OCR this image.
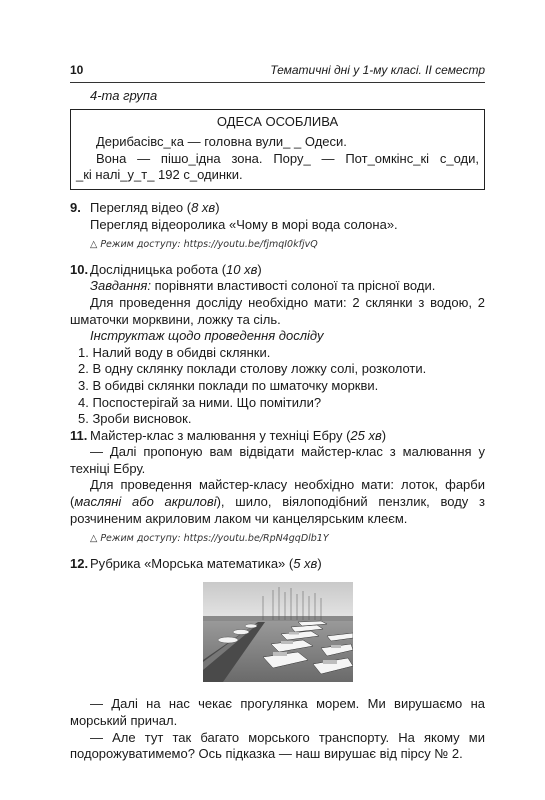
10	Тематичні дні у 1-му класі. ІІ семестр
4-та група
ОДЕСА ОСОБЛИВА

Дерибасівс_ка — головна вули_ _ Одеси.

Вона — пішо_ідна зона. Пору_ — Пот_омкінс_кі с_оди,

_кі налі_у_т_ 192 с_одинки.

9. Перегляд відео (8 хв)
Перегляд відеоролика «Чому в морі вода солона».
△ Режим доступу: https://youtu.be/fjmqI0kfjvQ
10. Дослідницька робота (10 хв)
Завдання: порівняти властивості солоної та прісної води.
Для проведення досліду необхідно мати: 2 склянки з водою, 2 шматочки морквини, ложку та сіль.
Інструктаж щодо проведення досліду
1. Налий воду в обидві склянки.
2. В одну склянку поклади столову ложку солі, розколоти.
3. В обидві склянки поклади по шматочку моркви.
4. Поспостерігай за ними. Що помітили?
5. Зроби висновок.
11. Майстер-клас з малювання у техніці Ебру (25 хв)
— Далі пропоную вам відвідати майстер-клас з малювання у техніці Ебру.
Для проведення майстер-класу необхідно мати: лоток, фарби (масляні або акрилові), шило, віялоподібний пензлик, воду з розчиненим акриловим лаком чи канцелярським клеєм.
△ Режим доступу: https://youtu.be/RpN4gqDlb1Y
12. Рубрика «Морська математика» (5 хв)
— Далі на нас чекає прогулянка морем. Ми вирушаємо на морський причал.
— Але тут так багато морського транспорту. На якому ми подорожуватимемо? Ось підказка — наш вирушає від пірсу № 2.
